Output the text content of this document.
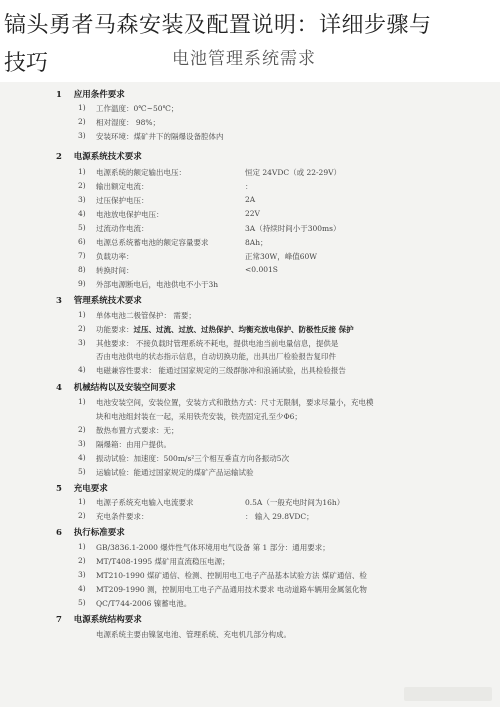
镐头勇者马森安装及配置说明：详细步骤与
技巧	电池管理系统需求
1 应用条件要求
1) 工作温度：0℃~50℃；
2) 相对湿度： 98%；
3) 安装环境：煤矿井下的隔爆设备腔体内
2 电源系统技术要求
1) 电源系统的额定输出电压：	恒定 24VDC（或 22-29V）
2) 输出额定电流：	：
3) 过压保护电压：	2A
4) 电池放电保护电压：	22V
5) 过流动作电流：	3A（持续时间小于300ms）
6) 电源总系统蓄电池的额定容量要求	8Ah；
7) 负载功率：	正常30W，峰值60W
8) 转换时间：	<0.001S
9) 外部电源断电后，电池供电不小于3h
3 管理系统技术要求
1) 单体电池二极管保护： 需要；
2) 功能要求：过压、过流、过放、过热保护、均衡充放电保护、防极性反接 保护
3) 其他要求： 不接负载时管理系统不耗电，提供电池当前电量信息，提供是
否由电池供电的状态指示信息，自动切换功能，出具出厂检验报告复印件
4) 电磁兼容性要求： 能通过国家规定的三级群脉冲和浪涌试验，出具检验报告
4 机械结构以及安装空间要求
1) 电池安装空间，安装位置，安装方式和散热方式：尺寸无限制，要求尽量小，充电模
块和电池组封装在一起，采用铁壳安装，铁壳固定孔至少Φ6；
2) 散热布置方式要求：无；
3) 隔爆箱：由用户提供。
4) 振动试验：加速度：500m/s²三个相互垂直方向各振动5次
5) 运输试验：能通过国家规定的煤矿产品运输试验
5 充电要求
1) 电源子系统充电输入电流要求	0.5A（一般充电时间为16h）
2) 充电条件要求：	： 输入 29.8VDC；
6 执行标准要求
1) GB/3836.1-2000 爆炸性气体环境用电气设备 第 1 部分：通用要求；
2) MT/T408-1995 煤矿用直流稳压电源；
3) MT210-1990 煤矿通信、检测、控制用电工电子产品基本试验方法 煤矿通信、检
4) MT209-1990 测，控制用电工电子产品通用技术要求 电动道路车辆用金属氢化物
5) QC/T744-2006 镍蓄电池。
7 电源系统结构要求
电源系统主要由镍氢电池、管理系统、充电机几部分构成。
